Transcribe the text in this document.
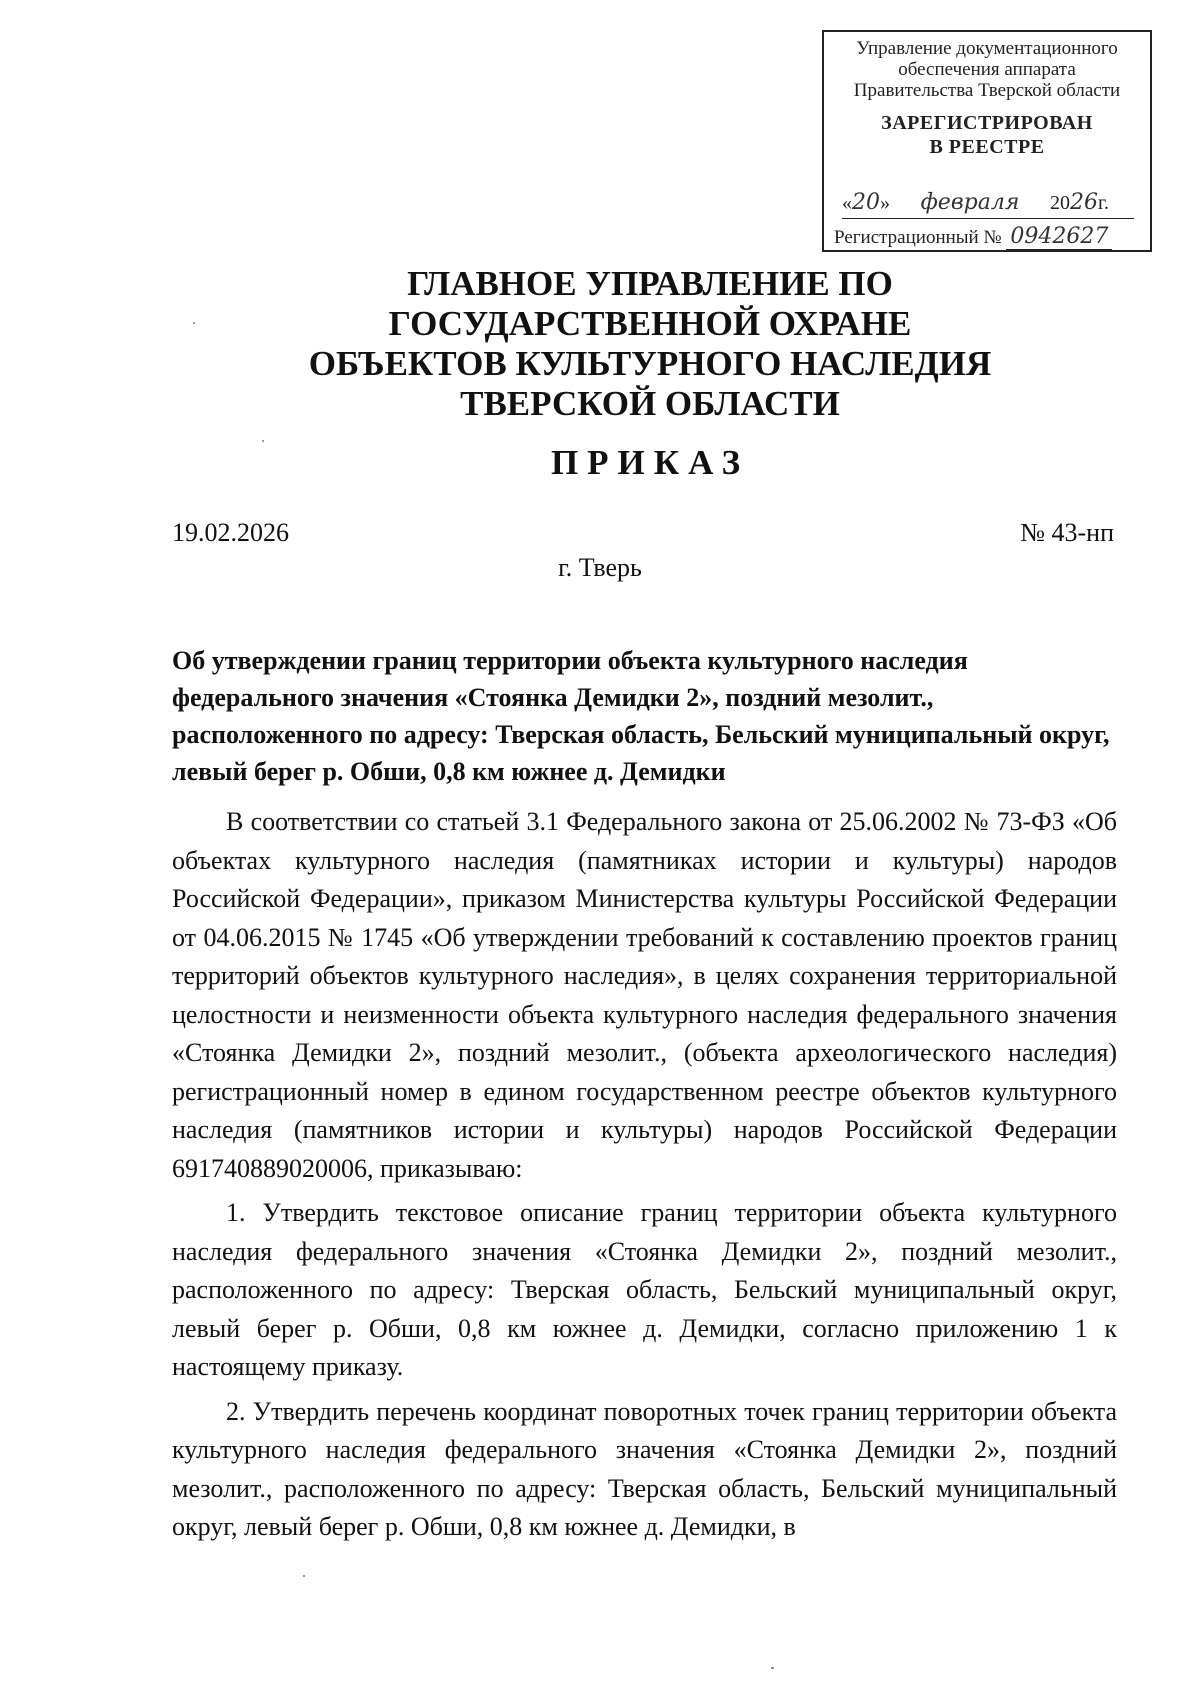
Управление документационного
обеспечения аппарата
Правительства Тверской области
ЗАРЕГИСТРИРОВАН
В РЕЕСТРЕ
«20» февраля 2026г.
Регистрационный № 0942627
ГЛАВНОЕ УПРАВЛЕНИЕ ПО
ГОСУДАРСТВЕННОЙ ОХРАНЕ
ОБЪЕКТОВ КУЛЬТУРНОГО НАСЛЕДИЯ
ТВЕРСКОЙ ОБЛАСТИ
ПРИКАЗ
19.02.2026	№ 43-нп
г. Тверь
Об утверждении границ территории объекта культурного наследия федерального значения «Стоянка Демидки 2», поздний мезолит., расположенного по адресу: Тверская область, Бельский муниципальный округ, левый берег р. Обши, 0,8 км южнее д. Демидки

В соответствии со статьей 3.1 Федерального закона от 25.06.2002 № 73-ФЗ «Об объектах культурного наследия (памятниках истории и культуры) народов Российской Федерации», приказом Министерства культуры Российской Федерации от 04.06.2015 № 1745 «Об утверждении требований к составлению проектов границ территорий объектов культурного наследия», в целях сохранения территориальной целостности и неизменности объекта культурного наследия федерального значения «Стоянка Демидки 2», поздний мезолит., (объекта археологического наследия) регистрационный номер в едином государственном реестре объектов культурного наследия (памятников истории и культуры) народов Российской Федерации 691740889020006, приказываю:

1. Утвердить текстовое описание границ территории объекта культурного наследия федерального значения «Стоянка Демидки 2», поздний мезолит., расположенного по адресу: Тверская область, Бельский муниципальный округ, левый берег р. Обши, 0,8 км южнее д. Демидки, согласно приложению 1 к настоящему приказу.

2. Утвердить перечень координат поворотных точек границ территории объекта культурного наследия федерального значения «Стоянка Демидки 2», поздний мезолит., расположенного по адресу: Тверская область, Бельский муниципальный округ, левый берег р. Обши, 0,8 км южнее д. Демидки, в
